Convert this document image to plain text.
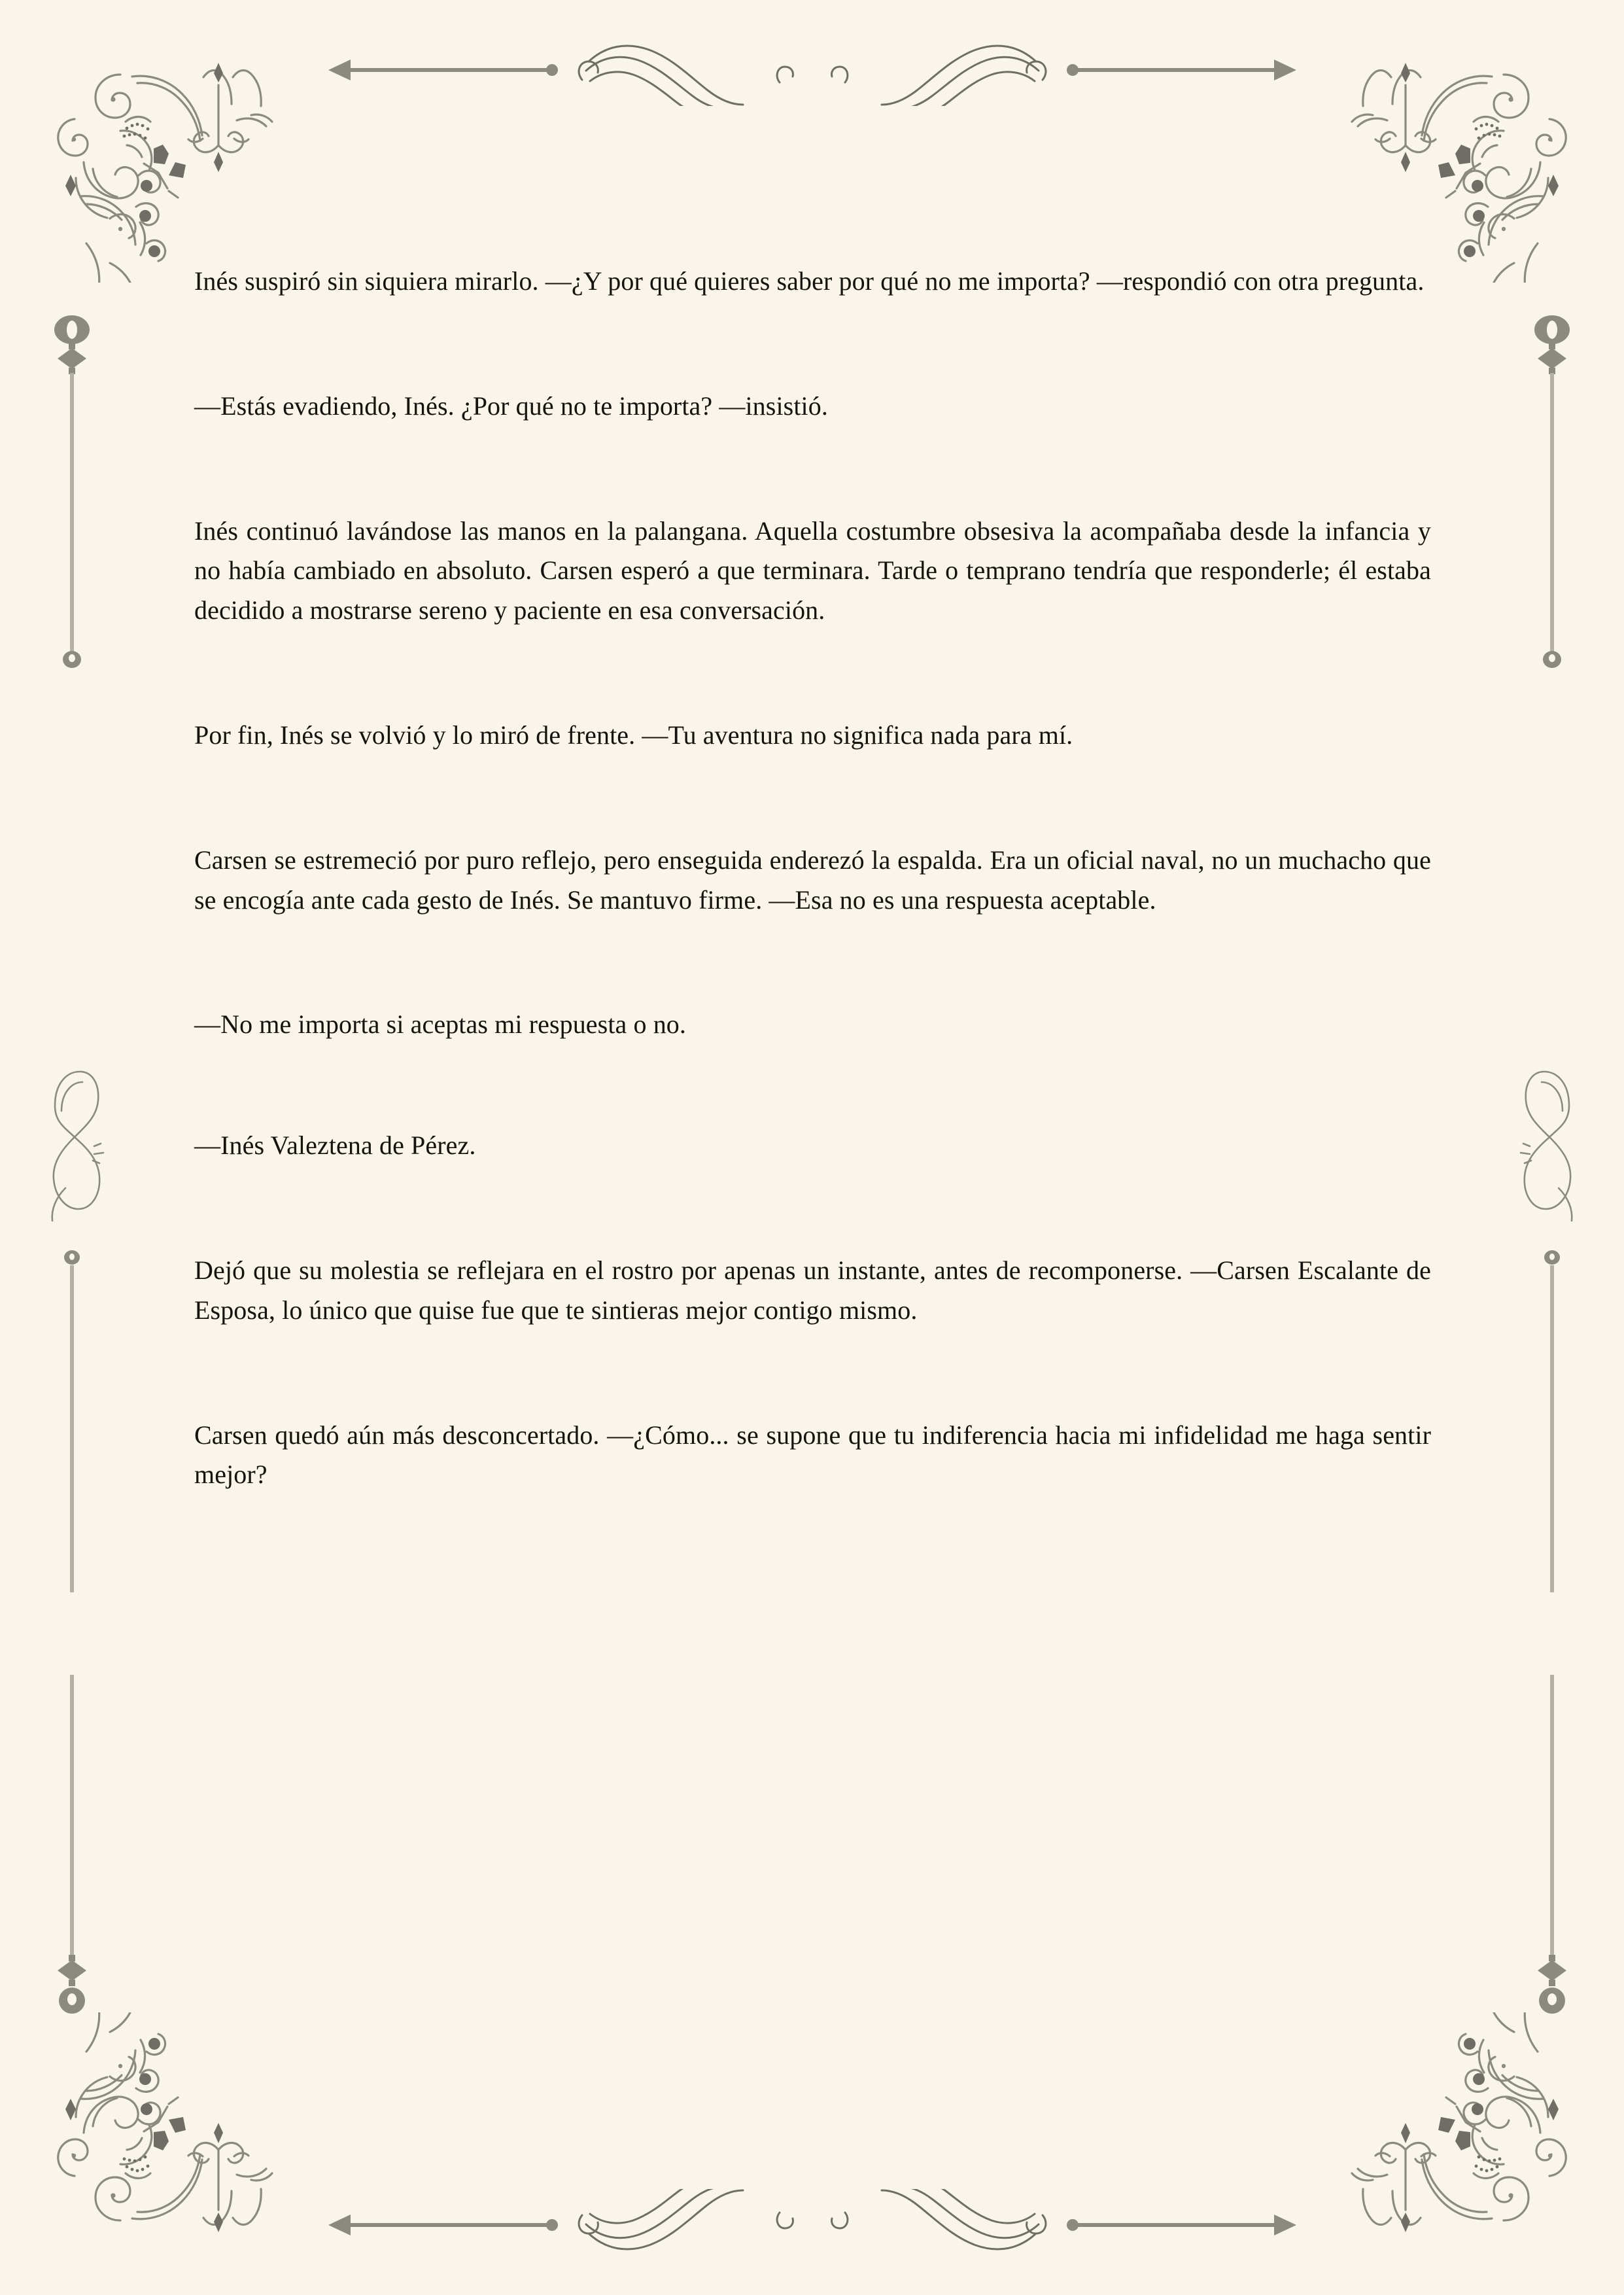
Inés suspiró sin siquiera mirarlo. —¿Y por qué quieres saber por qué no me importa? —respondió con otra pregunta.

—Estás evadiendo, Inés. ¿Por qué no te importa? —insistió.

Inés continuó lavándose las manos en la palangana. Aquella costumbre obsesiva la acompañaba desde la infancia y no había cambiado en absoluto. Carsen esperó a que terminara. Tarde o temprano tendría que responderle; él estaba decidido a mostrarse sereno y paciente en esa conversación.

Por fin, Inés se volvió y lo miró de frente. —Tu aventura no significa nada para mí.

Carsen se estremeció por puro reflejo, pero enseguida enderezó la espalda. Era un oficial naval, no un muchacho que se encogía ante cada gesto de Inés. Se mantuvo firme. —Esa no es una respuesta aceptable.

—No me importa si aceptas mi respuesta o no.

—Inés Valeztena de Pérez.

Dejó que su molestia se reflejara en el rostro por apenas un instante, antes de recomponerse. —Carsen Escalante de Esposa, lo único que quise fue que te sintieras mejor contigo mismo.

Carsen quedó aún más desconcertado. —¿Cómo... se supone que tu indiferencia hacia mi infidelidad me haga sentir mejor?
